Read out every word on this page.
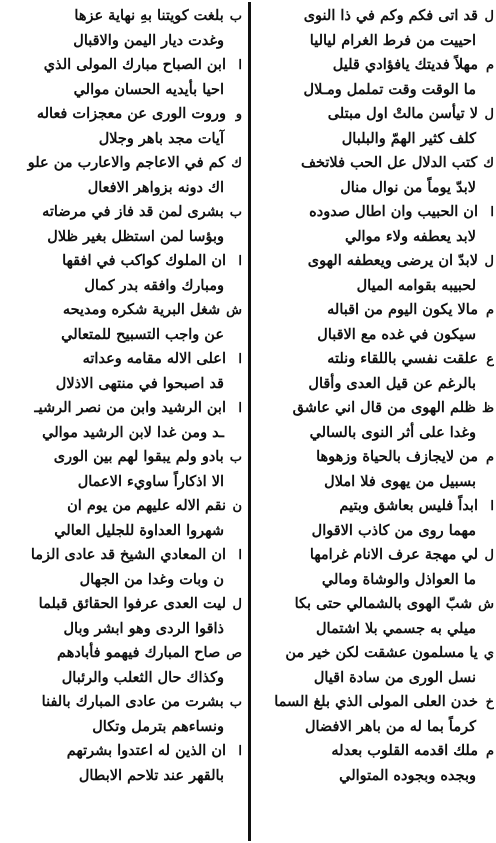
لقد اتى فكم وكم في ذا النوى
احييت من فرط الغرام لياليا
ممهلاً فديتك يافؤادي قليل
ما الوقت وقت تململ ومـلال
للا تيأسن مالتْ اول مبتلى
كلف كثير الهمّ والبلبال
ككتب الدلال عل الحب فلاتخف
لابدّ يوماً من نوال منال
اان الحبيب وان اطال صدوده
لابد يعطفه ولاء موالي
للابدّ ان يرضى ويعطفه الهوى
لحبيبه بقوامه الميال
ممالا يكون اليوم من اقباله
سيكون في غده مع الاقبال
ععلقت نفسي باللقاء ونلته
بالرغم عن قيل العدى وأقال
ظظلم الهوى من قال اني عاشق
وغدا على أثر النوى بالسالي
ممن لايجازف بالحياة وزهوها
بسبيل من يهوى فلا املال
اابداً فليس بعاشق وبتيم
مهما روى من كاذب الاقوال
للي مهجة عرف الانام غرامها
ما العواذل والوشاة ومالي
ششبّ الهوى بالشمالي حتى بكا
ميلي به جسمي بلا اشتمال
ييا مسلمون عشقت لكن خير من
نسل الورى من سادة اقيال
خخدن العلى المولى الذي بلغ السما
كرماً بما له من باهر الافضال
مملك اقدمه القلوب بعدله
وبجده وبجوده المتوالي
ببلغت كويتنا بهِ نهاية عزها
وغدت ديار اليمن والاقبال
اابن الصباح مبارك المولى الذي
احيا بأيديه الحسان موالي
ووروت الورى عن معجزات فعاله
آيات مجد باهر وجلال
ككم في الاعاجم والاعارب من علو
اك دونه بزواهر الافعال
ببشرى لمن قد فاز في مرضاته
وبؤسا لمن استظل بغير ظلال
اان الملوك كواكب في افقها
ومبارك وافقه بدر كمال
ششغل البرية شكره ومديحه
عن واجب التسبيح للمتعالي
ااعلى الاله مقامه وعداته
قد اصبحوا في منتهى الاذلال
اابن الرشيد وابن من نصر الرشيـ
ـد ومن غدا لابن الرشيد موالي
ببادو ولم يبقوا لهم بين الورى
الا اذكاراً ساويء الاعمال
ننقم الاله عليهم من يوم ان
شهروا العداوة للجليل العالي
اان المعادي الشيخ قد عادى الزما
ن وبات وغدا من الجهال
لليت العدى عرفوا الحقائق قبلما
ذاقوا الردى وهو ابشر وبال
صصاح المبارك فيهمو فأبادهم
وكذاك حال الثعلب والرئبال
ببشرت من عادى المبارك بالفنا
ونساءهم بترمل وتكال
اان الذين له اعتدوا بشرتهم
بالقهر عند تلاحم الابطال
